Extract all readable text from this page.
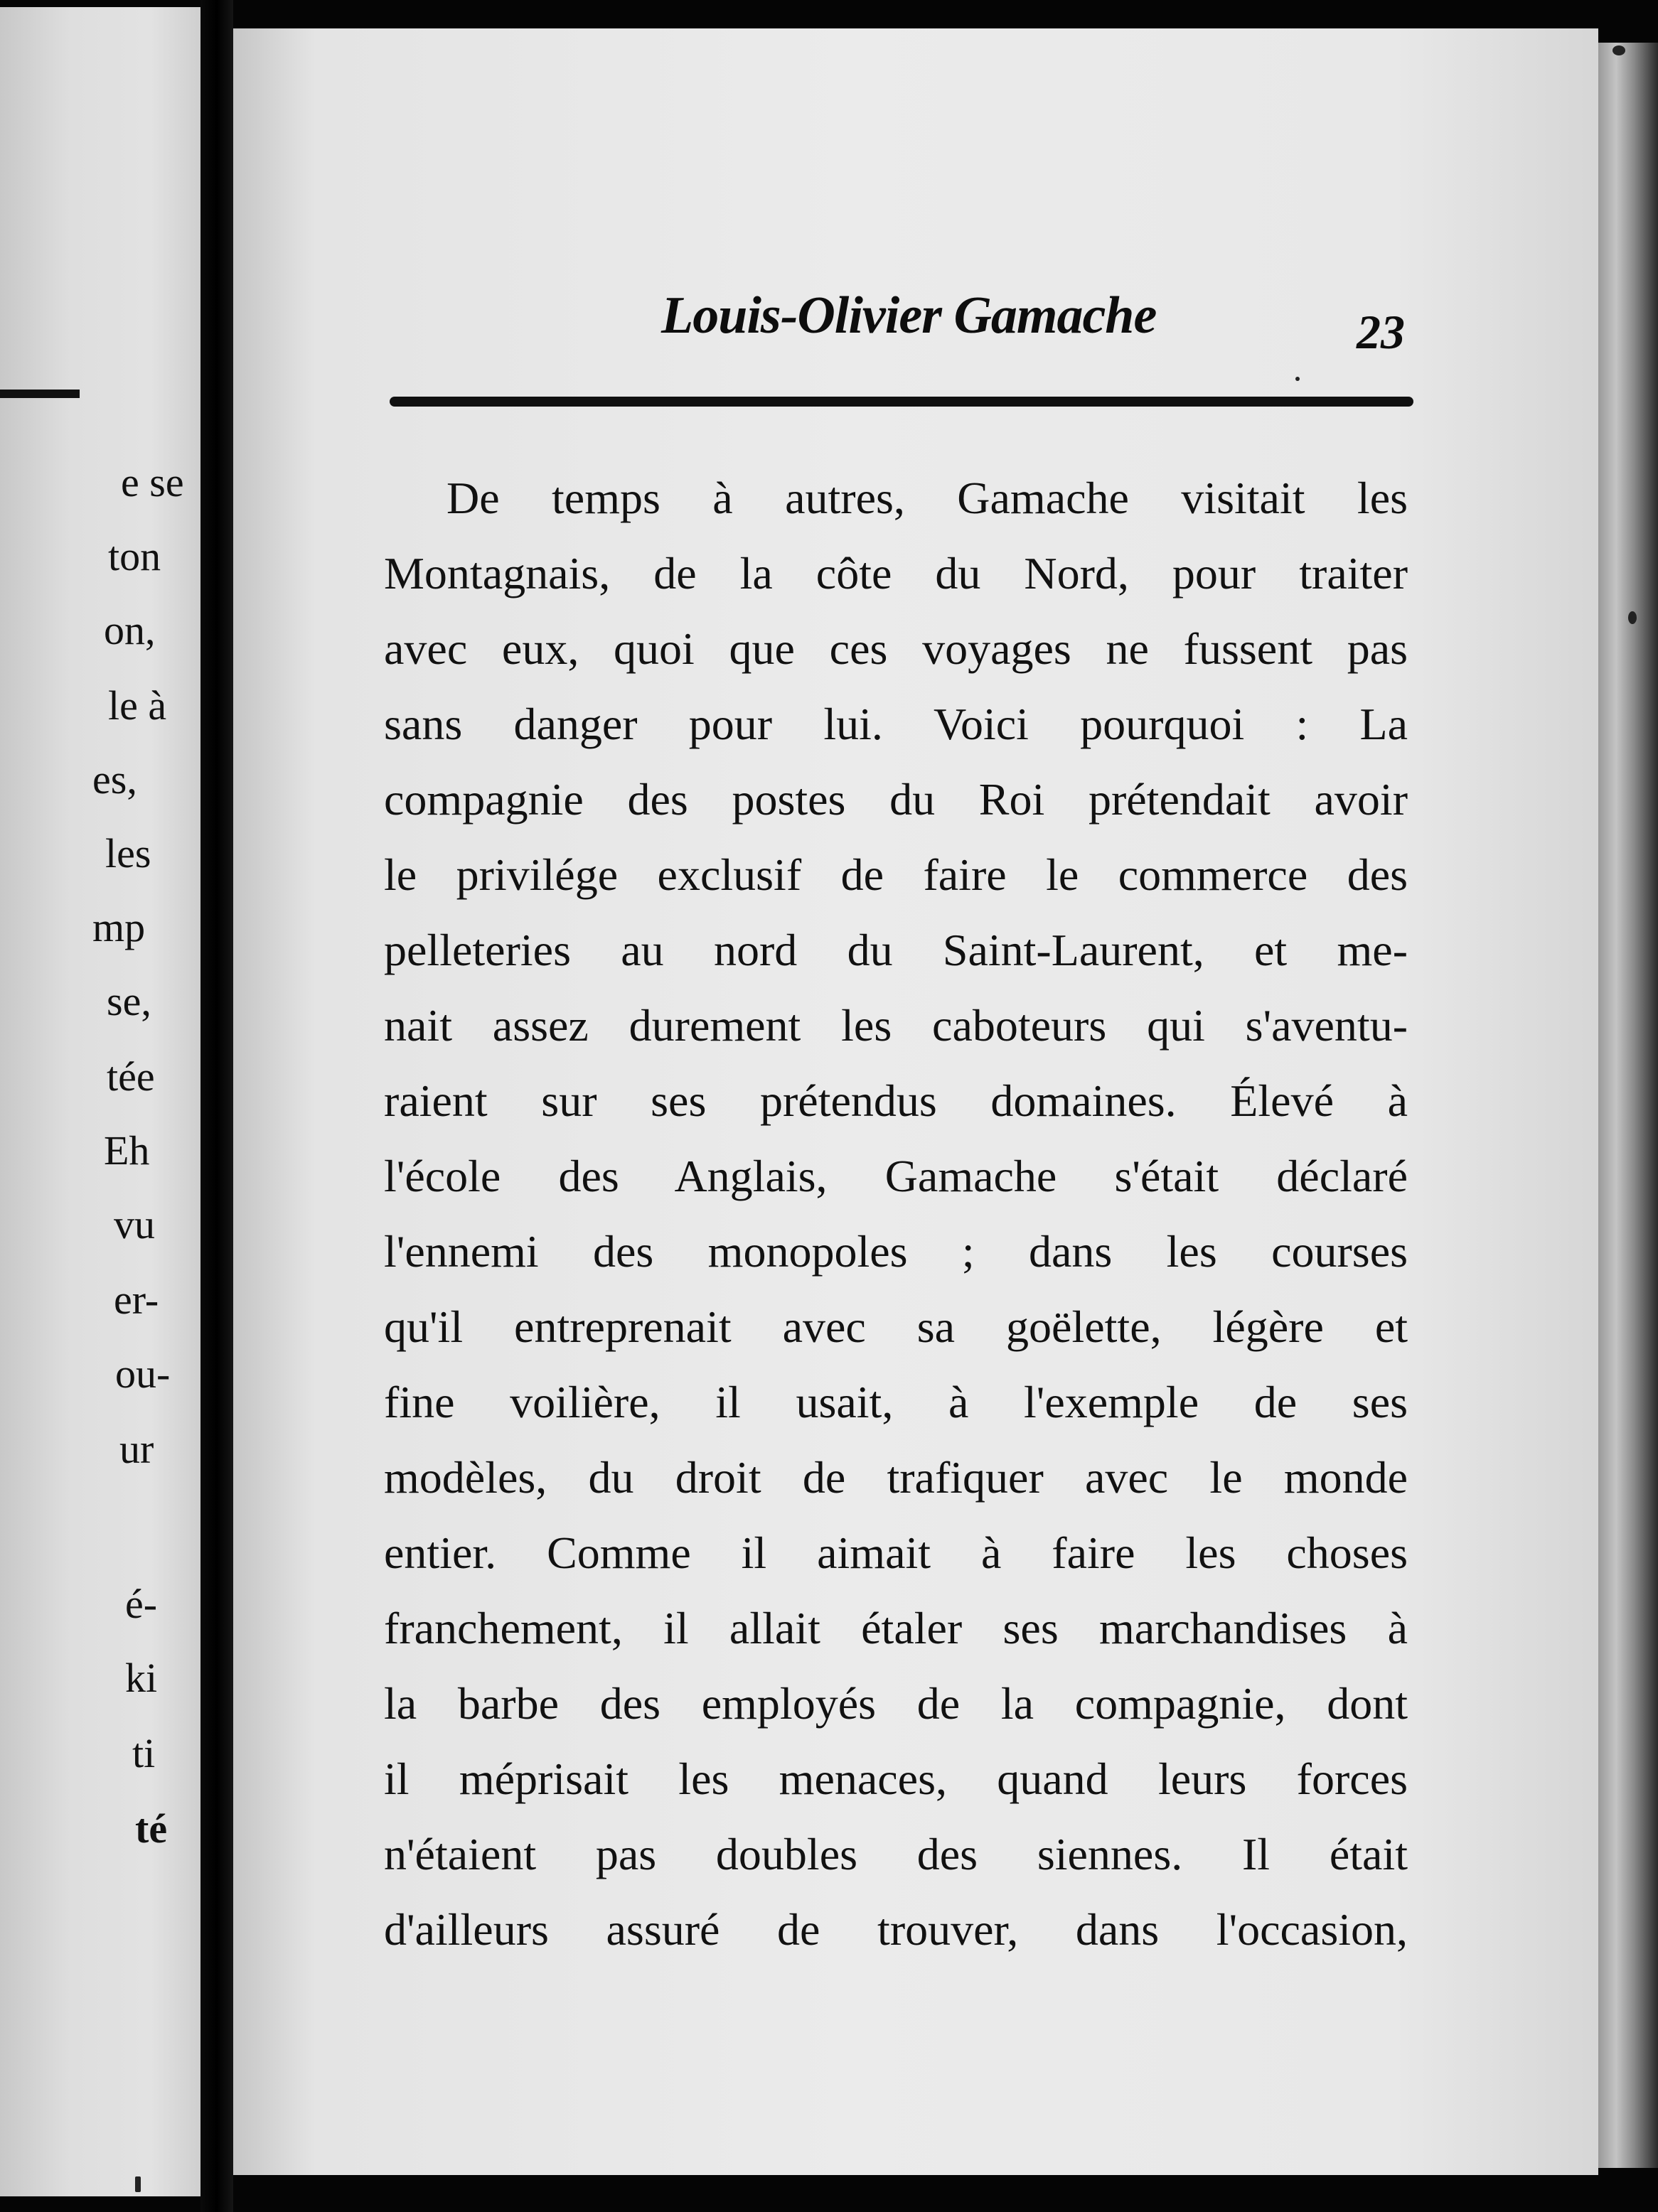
e se

ton

on,

le à

es,

les

mp

se,

tée

Eh

vu

er-

ou-

ur

é-

ki

ti

té

Louis-Olivier Gamache	23
De temps à autres, Gamache visitait les
Montagnais, de la côte du Nord, pour traiter
avec eux, quoi que ces voyages ne fussent pas
sans danger pour lui. Voici pourquoi : La
compagnie des postes du Roi prétendait avoir
le privilége exclusif de faire le commerce des
pelleteries au nord du Saint-Laurent, et me-
nait assez durement les caboteurs qui s'aventu-
raient sur ses prétendus domaines. Élevé à
l'école des Anglais, Gamache s'était déclaré
l'ennemi des monopoles ; dans les courses
qu'il entreprenait avec sa goëlette, légère et
fine voilière, il usait, à l'exemple de ses
modèles, du droit de trafiquer avec le monde
entier. Comme il aimait à faire les choses
franchement, il allait étaler ses marchandises à
la barbe des employés de la compagnie, dont
il méprisait les menaces, quand leurs forces
n'étaient pas doubles des siennes. Il était
d'ailleurs assuré de trouver, dans l'occasion,
